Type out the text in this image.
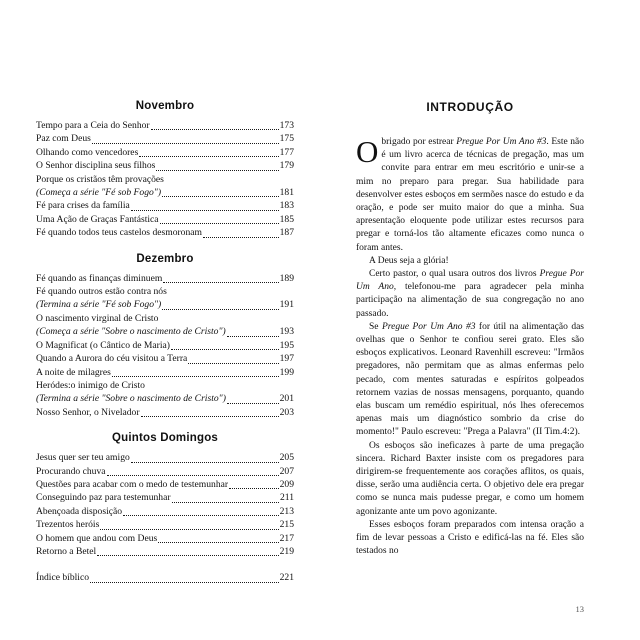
Novembro
Tempo para a Ceia do Senhor	173
Paz com Deus	175
Olhando como vencedores	177
O Senhor disciplina seus filhos	179
Porque os cristãos têm provações
(Começa a série "Fé sob Fogo")	181
Fé para crises da família	183
Uma Ação de Graças Fantástica	185
Fé quando todos teus castelos desmoronam	187
Dezembro
Fé quando as finanças diminuem	189
Fé quando outros estão contra nós
(Termina a série "Fé sob Fogo")	191
O nascimento virginal de Cristo
(Começa a série "Sobre o nascimento de Cristo")	193
O Magnificat (o Cântico de Maria)	195
Quando a Aurora do céu visitou a Terra	197
A noite de milagres	199
Heródes:o inimigo de Cristo
(Termina a série "Sobre o nascimento de Cristo")	201
Nosso Senhor, o Nivelador	203
Quintos Domingos
Jesus quer ser teu amigo	205
Procurando chuva	207
Questões para acabar com o medo de testemunhar	209
Conseguindo paz para testemunhar	211
Abençoada disposição	213
Trezentos heróis	215
O homem que andou com Deus	217
Retorno a Betel	219
Índice bíblico	221
INTRODUÇÃO

Obrigado por estrear Pregue Por Um Ano #3. Este não é um livro acerca de técnicas de pregação, mas um convite para entrar em meu escritório e unir-se a mim no preparo para pregar. Sua habilidade para desenvolver estes esboços em sermões nasce do estudo e da oração, e pode ser muito maior do que a minha. Sua apresentação eloquente pode utilizar estes recursos para pregar e torná-los tão altamente eficazes como nunca o foram antes.

A Deus seja a glória!

Certo pastor, o qual usara outros dos livros Pregue Por Um Ano, telefonou-me para agradecer pela minha participação na alimentação de sua congregação no ano passado.

Se Pregue Por Um Ano #3 for útil na alimentação das ovelhas que o Senhor te confiou serei grato. Eles são esboços explicativos. Leonard Ravenhill escreveu: "Irmãos pregadores, não permitam que as almas enfermas pelo pecado, com mentes saturadas e espíritos golpeados retornem vazias de nossas mensagens, porquanto, quando elas buscam um remédio espiritual, nós lhes oferecemos apenas mais um diagnóstico sombrio da crise do momento!" Paulo escreveu: "Prega a Palavra" (II Tim.4:2).

Os esboços são ineficazes à parte de uma pregação sincera. Richard Baxter insiste com os pregadores para dirigirem-se frequentemente aos corações aflitos, os quais, disse, serão uma audiência certa. O objetivo dele era pregar como se nunca mais pudesse pregar, e como um homem agonizante ante um povo agonizante.

Esses esboços foram preparados com intensa oração a fim de levar pessoas a Cristo e edificá-las na fé. Eles são testados no

13
